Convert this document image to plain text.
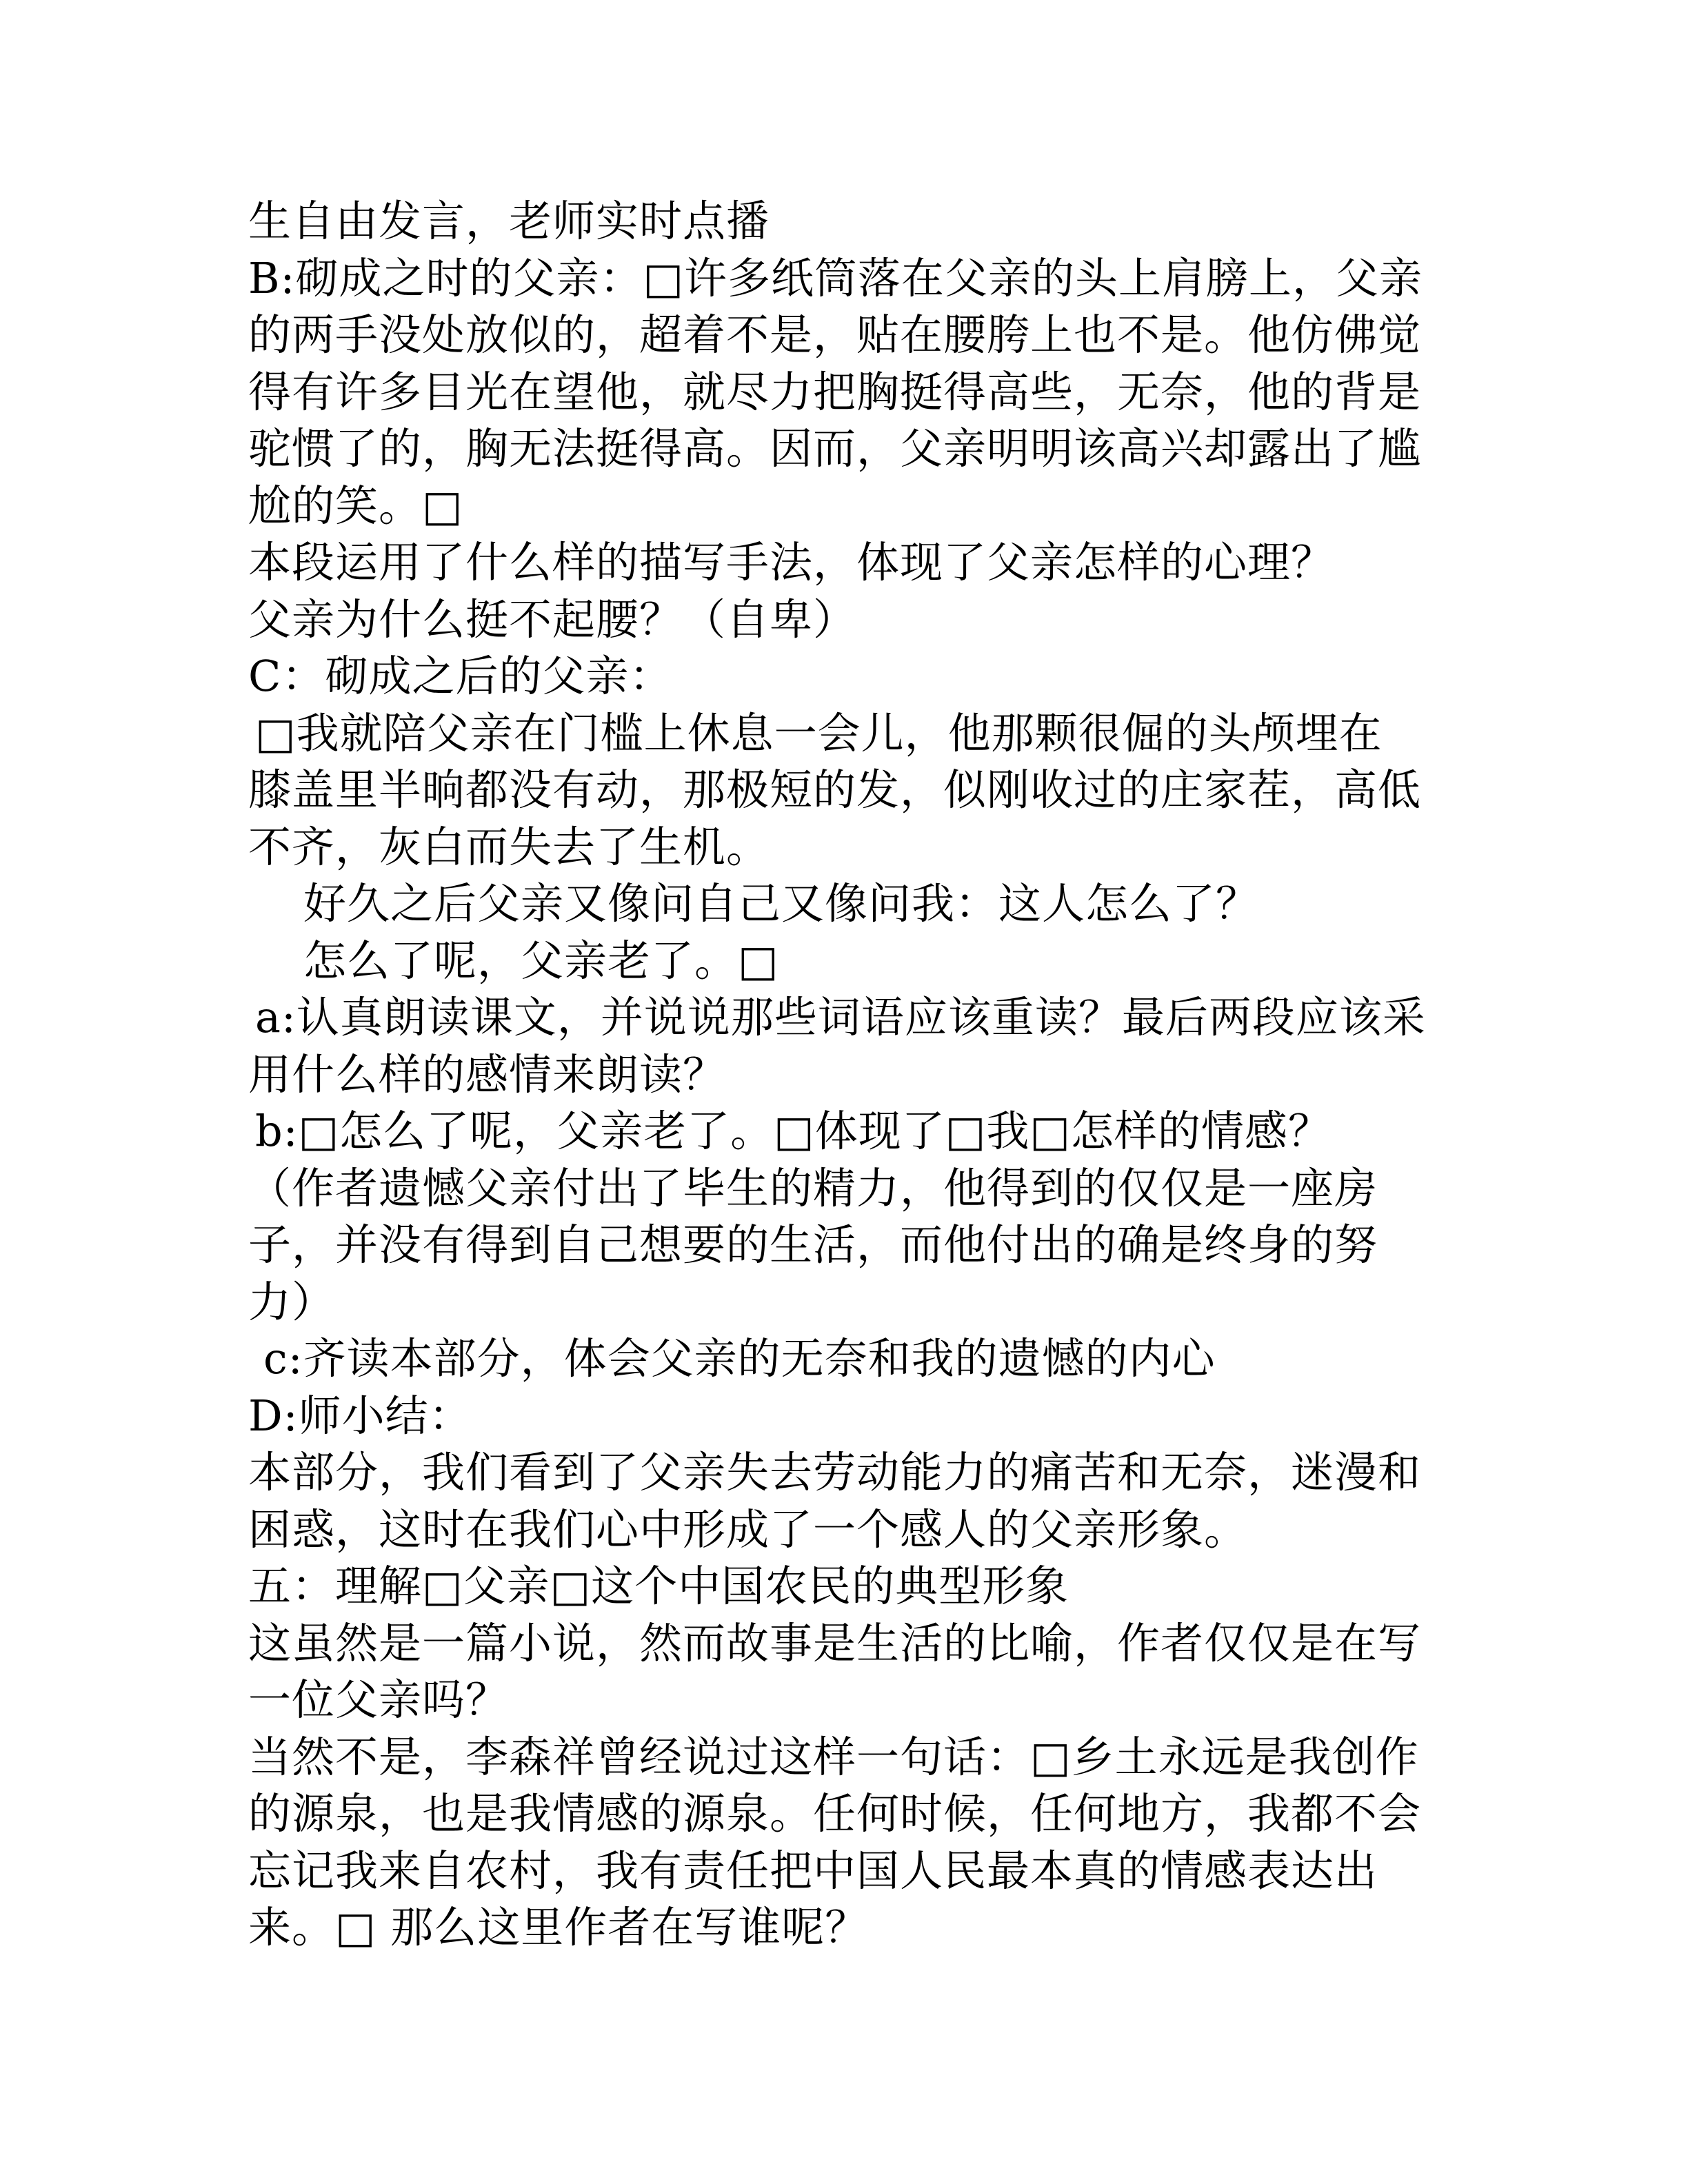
生自由发言，老师实时点播
B:砌成之时的父亲：□许多纸筒落在父亲的头上肩膀上，父亲
的两手没处放似的，超着不是，贴在腰胯上也不是。他仿佛觉
得有许多目光在望他，就尽力把胸挺得高些，无奈，他的背是
驼惯了的，胸无法挺得高。因而，父亲明明该高兴却露出了尴
尬的笑。□
本段运用了什么样的描写手法，体现了父亲怎样的心理？
父亲为什么挺不起腰？（自卑）
C：砌成之后的父亲：
□我就陪父亲在门槛上休息一会儿，他那颗很倔的头颅埋在
膝盖里半晌都没有动，那极短的发，似刚收过的庄家茬，高低
不齐，灰白而失去了生机。
好久之后父亲又像问自己又像问我：这人怎么了？
怎么了呢，父亲老了。□
a:认真朗读课文，并说说那些词语应该重读？最后两段应该采
用什么样的感情来朗读？
b:□怎么了呢，父亲老了。□体现了□我□怎样的情感？
（作者遗憾父亲付出了毕生的精力，他得到的仅仅是一座房
子，并没有得到自己想要的生活，而他付出的确是终身的努
力）
c:齐读本部分，体会父亲的无奈和我的遗憾的内心
D:师小结：
本部分，我们看到了父亲失去劳动能力的痛苦和无奈，迷漫和
困惑，这时在我们心中形成了一个感人的父亲形象。
五：理解□父亲□这个中国农民的典型形象
这虽然是一篇小说，然而故事是生活的比喻，作者仅仅是在写
一位父亲吗？
当然不是，李森祥曾经说过这样一句话：□乡土永远是我创作
的源泉，也是我情感的源泉。任何时候，任何地方，我都不会
忘记我来自农村，我有责任把中国人民最本真的情感表达出
来。□ 那么这里作者在写谁呢？
